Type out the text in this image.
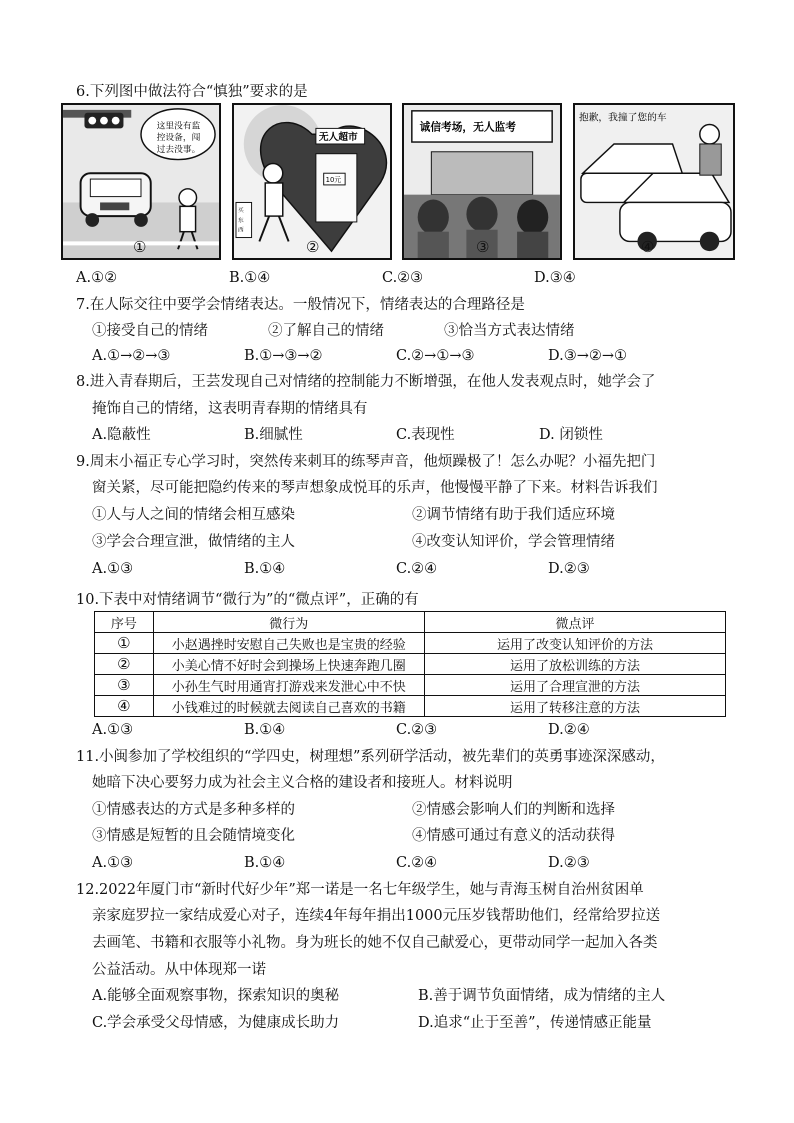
6.下列图中做法符合“慎独”要求的是
这里没有监
控设备，闯
过去没事。
①
无人超市
10元
买
东
西
②
诚信考场，无人监考
③
抱歉，我撞了您的车
④
A.①②	B.①④	C.②③	D.③④
7.在人际交往中要学会情绪表达。一般情况下，情绪表达的合理路径是
①接受自己的情绪	②了解自己的情绪	③恰当方式表达情绪
A.①→②→③	B.①→③→②	C.②→①→③	D.③→②→①
8.进入青春期后，王芸发现自己对情绪的控制能力不断增强，在他人发表观点时，她学会了
掩饰自己的情绪，这表明青春期的情绪具有
A.隐蔽性	B.细腻性	C.表现性	D. 闭锁性
9.周末小福正专心学习时，突然传来刺耳的练琴声音，他烦躁极了！怎么办呢？小福先把门
窗关紧，尽可能把隐约传来的琴声想象成悦耳的乐声，他慢慢平静了下来。材料告诉我们
①人与人之间的情绪会相互感染	②调节情绪有助于我们适应环境
③学会合理宣泄，做情绪的主人	④改变认知评价，学会管理情绪
A.①③	B.①④	C.②④	D.②③
10.下表中对情绪调节“微行为”的“微点评”，正确的有
序号	微行为	微点评
①	小赵遇挫时安慰自己失败也是宝贵的经验	运用了改变认知评价的方法
②	小美心情不好时会到操场上快速奔跑几圈	运用了放松训练的方法
③	小孙生气时用通宵打游戏来发泄心中不快	运用了合理宣泄的方法
④	小钱难过的时候就去阅读自己喜欢的书籍	运用了转移注意的方法
A.①③	B.①④	C.②③	D.②④
11.小闽参加了学校组织的“学四史，树理想”系列研学活动，被先辈们的英勇事迹深深感动，
她暗下决心要努力成为社会主义合格的建设者和接班人。材料说明
①情感表达的方式是多种多样的	②情感会影响人们的判断和选择
③情感是短暂的且会随情境变化	④情感可通过有意义的活动获得
A.①③	B.①④	C.②④	D.②③
12.2022年厦门市“新时代好少年”郑一诺是一名七年级学生，她与青海玉树自治州贫困单
亲家庭罗拉一家结成爱心对子，连续4年每年捐出1000元压岁钱帮助他们，经常给罗拉送
去画笔、书籍和衣服等小礼物。身为班长的她不仅自己献爱心，更带动同学一起加入各类
公益活动。从中体现郑一诺
A.能够全面观察事物，探索知识的奥秘	B.善于调节负面情绪，成为情绪的主人
C.学会承受父母情感，为健康成长助力	D.追求“止于至善”，传递情感正能量
